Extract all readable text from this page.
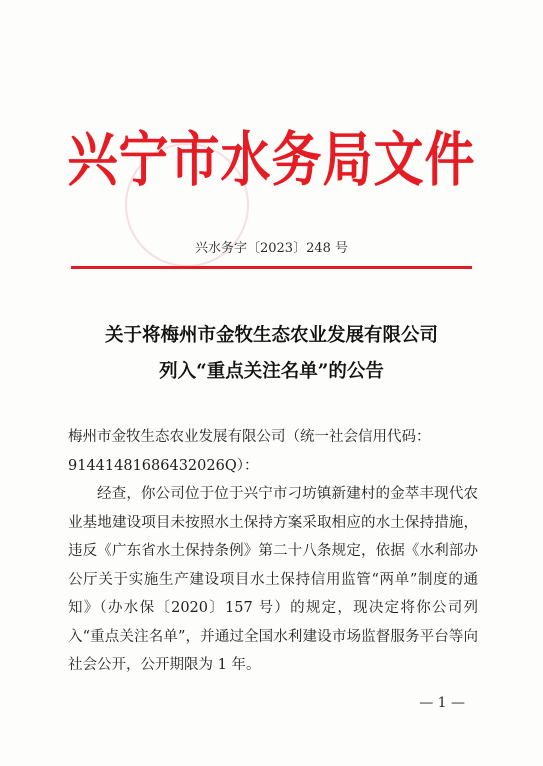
兴宁市水务局文件
兴水务字〔2023〕248 号
关于将梅州市金牧生态农业发展有限公司
列入“重点关注名单”的公告

梅州市金牧生态农业发展有限公司（统一社会信用代码：

91441481686432026Q）：

经查，你公司位于位于兴宁市刁坊镇新建村的金萃丰现代农业基地建设项目未按照水土保持方案采取相应的水土保持措施，违反《广东省水土保持条例》第二十八条规定，依据《水利部办公厅关于实施生产建设项目水土保持信用监管“两单”制度的通知》（办水保〔2020〕157 号）的规定，现决定将你公司列入“重点关注名单”，并通过全国水利建设市场监督服务平台等向社会公开，公开期限为 1 年。

— 1 —
